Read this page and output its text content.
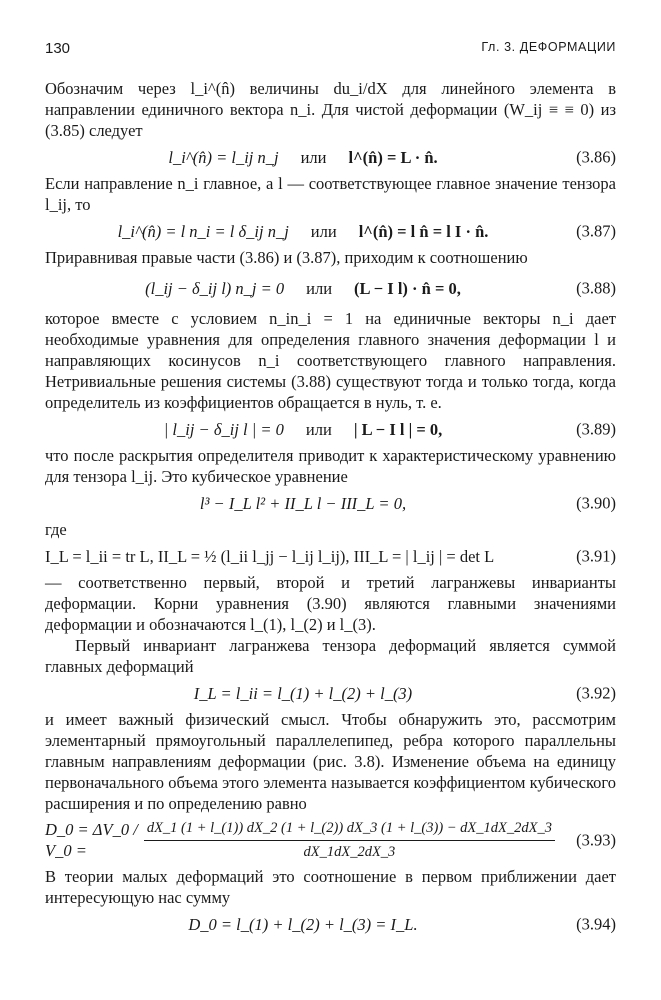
130	Гл. 3. ДЕФОРМАЦИИ

Обозначим через l_i^(n̂) величины du_i/dX для линейного элемента в направлении единичного вектора n_i. Для чистой деформации (W_ij ≡ ≡ 0) из (3.85) следует

l_i^(n̂) = l_ij n_j или l^(n̂) = L · n̂.	(3.86)

Если направление n_i главное, а l — соответствующее главное значение тензора l_ij, то

l_i^(n̂) = l n_i = l δ_ij n_j или l^(n̂) = l n̂ = l I · n̂.	(3.87)

Приравнивая правые части (3.86) и (3.87), приходим к соотношению

(l_ij − δ_ij l) n_j = 0 или (L − I l) · n̂ = 0,	(3.88)

которое вместе с условием n_in_i = 1 на единичные векторы n_i дает необходимые уравнения для определения главного значения деформации l и направляющих косинусов n_i соответствующего главного направления. Нетривиальные решения системы (3.88) существуют тогда и только тогда, когда определитель из коэффициентов обращается в нуль, т. е.

| l_ij − δ_ij l | = 0 или | L − I l | = 0,	(3.89)

что после раскрытия определителя приводит к характеристическому уравнению для тензора l_ij. Это кубическое уравнение

l³ − I_L l² + II_L l − III_L = 0,	(3.90)

где

I_L = l_ii = tr L, II_L = ½ (l_ii l_jj − l_ij l_ij), III_L = | l_ij | = det L	(3.91)

— соответственно первый, второй и третий лагранжевы инварианты деформации. Корни уравнения (3.90) являются главными значениями деформации и обозначаются l_(1), l_(2) и l_(3).

Первый инвариант лагранжева тензора деформаций является суммой главных деформаций

I_L = l_ii = l_(1) + l_(2) + l_(3)	(3.92)

и имеет важный физический смысл. Чтобы обнаружить это, рассмотрим элементарный прямоугольный параллелепипед, ребра которого параллельны главным направлениям деформации (рис. 3.8). Изменение объема на единицу первоначального объема этого элемента называется коэффициентом кубического расширения и по определению равно

D_0 = ΔV_0 / V_0 =
dX_1 (1 + l_(1)) dX_2 (1 + l_(2)) dX_3 (1 + l_(3)) − dX_1dX_2dX_3
dX_1dX_2dX_3
(3.93)

В теории малых деформаций это соотношение в первом приближении дает интересующую нас сумму

D_0 = l_(1) + l_(2) + l_(3) = I_L.	(3.94)
